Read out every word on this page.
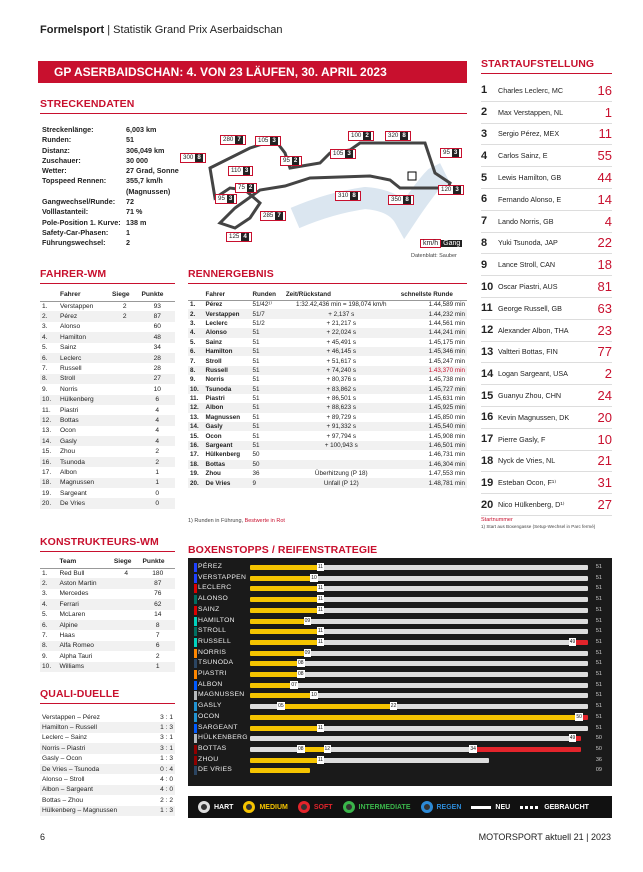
Formelsport | Statistik Grand Prix Aserbaidschan
GP ASERBAIDSCHAN: 4. VON 23 LÄUFEN, 30. APRIL 2023
STRECKENDATEN
Streckenlänge:	6,003 km
Runden:	51
Distanz:	306,049 km
Zuschauer:	30 000
Wetter:	27 Grad, Sonne
Topspeed Rennen:	355,7 km/h
	(Magnussen)
Gangwechsel/Runde:	72
Volllastanteil:	71 %
Pole-Position 1. Kurve:	138 m
Safety-Car-Phasen:	1
Führungswechsel:	2
280 7	105 3
100 2	320 8
300 8	95 2
105 3	95 3
110 3
75 2
95 3	310 8
350 8
120 3
285 7
125 4
km/h Gang
Datenblatt: Sauber
FAHRER-WM
	Fahrer	Siege	Punkte
1.	Verstappen	2	93
2.	Pérez	2	87
3.	Alonso		60
4.	Hamilton		48
5.	Sainz		34
6.	Leclerc		28
7.	Russell		28
8.	Stroll		27
9.	Norris		10
10.	Hülkenberg		6
11.	Piastri		4
12.	Bottas		4
13.	Ocon		4
14.	Gasly		4
15.	Zhou		2
16.	Tsunoda		2
17.	Albon		1
18.	Magnussen		1
19.	Sargeant		0
20.	De Vries		0
RENNERGEBNIS
	Fahrer	Runden	Zeit/Rückstand	schnellste Runde
1.	Pérez	51/42¹⁾	1:32.42,436 min = 198,074 km/h	1.44,589 min
2.	Verstappen	51/7	+ 2,137 s	1.44,232 min
3.	Leclerc	51/2	+ 21,217 s	1.44,561 min
4.	Alonso	51	+ 22,024 s	1.44,241 min
5.	Sainz	51	+ 45,491 s	1.45,175 min
6.	Hamilton	51	+ 46,145 s	1.45,346 min
7.	Stroll	51	+ 51,617 s	1.45,247 min
8.	Russell	51	+ 74,240 s	1.43,370 min
9.	Norris	51	+ 80,376 s	1.45,738 min
10.	Tsunoda	51	+ 83,862 s	1.45,727 min
11.	Piastri	51	+ 86,501 s	1.45,631 min
12.	Albon	51	+ 88,623 s	1.45,925 min
13.	Magnussen	51	+ 89,729 s	1.45,850 min
14.	Gasly	51	+ 91,332 s	1.45,540 min
15.	Ocon	51	+ 97,794 s	1.45,908 min
16.	Sargeant	51	+ 100,943 s	1.46,501 min
17.	Hülkenberg	50		1.46,731 min
18.	Bottas	50		1.46,304 min
19.	Zhou	36	Überhitzung (P 18)	1.47,553 min
20.	De Vries	9	Unfall (P 12)	1.48,781 min
1) Runden in Führung, Bestwerte in Rot
KONSTRUKTEURS-WM
	Team	Siege	Punkte
1.	Red Bull	4	180
2.	Aston Martin		87
3.	Mercedes		76
4.	Ferrari		62
5.	McLaren		14
6.	Alpine		8
7.	Haas		7
8.	Alfa Romeo		6
9.	Alpha Tauri		2
10.	Williams		1
QUALI-DUELLE
Verstappen – Pérez	3 : 1
Hamilton – Russell	1 : 3
Leclerc – Sainz	3 : 1
Norris – Piastri	3 : 1
Gasly – Ocon	1 : 3
De Vries – Tsunoda	0 : 4
Alonso – Stroll	4 : 0
Albon – Sargeant	4 : 0
Bottas – Zhou	2 : 2
Hülkenberg – Magnussen	1 : 3
STARTAUFSTELLUNG
1	Charles Leclerc, MC	16
2	Max Verstappen, NL	1
3	Sergio Pérez, MEX	11
4	Carlos Sainz, E	55
5	Lewis Hamilton, GB	44
6	Fernando Alonso, E	14
7	Lando Norris, GB	4
8	Yuki Tsunoda, JAP	22
9	Lance Stroll, CAN	18
10 Oscar Piastri, AUS	81
11 George Russell, GB	63
12 Alexander Albon, THA	23
13 Valtteri Bottas, FIN	77
14 Logan Sargeant, USA	2
15 Guanyu Zhou, CHN	24
16 Kevin Magnussen, DK	20
17 Pierre Gasly, F	10
18 Nyck de Vries, NL	21
19 Esteban Ocon, F¹⁾	31
20 Nico Hülkenberg, D¹⁾	27
Startnummer
1) Start aus Boxengasse (Setup-Wechsel in Parc fermé)
BOXENSTOPPS / REIFENSTRATEGIE
PÉREZ	11	51
VERSTAPPEN	10	51
LECLERC	11	51
ALONSO	11	51
SAINZ	11	51
HAMILTON	09	51
STROLL	11	51
RUSSELL	11	49	51
NORRIS	09	51
TSUNODA	08	51
PIASTRI	08	51
ALBON	07	51
MAGNUSSEN	10	51
GASLY	05	22	51
OCON	50	51
SARGEANT	11	51
HÜLKENBERG	49	50
BOTTAS	08	12	34	50
ZHOU	11	36
DE VRIES	09
HART	MEDIUM	SOFT	INTERMEDIATE	REGEN	NEU	GEBRAUCHT
6	MOTORSPORT aktuell 21 | 2023
